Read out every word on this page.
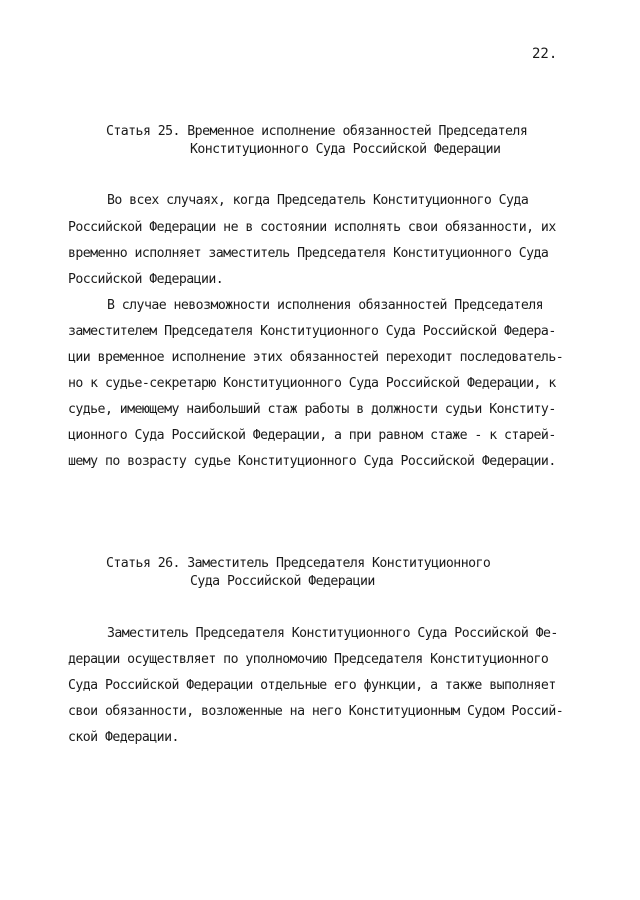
22.
Статья 25. Временное исполнение обязанностей Председателя
Конституционного Суда Российской Федерации
Во всех случаях, когда Председатель Конституционного Суда
Российской Федерации не в состоянии исполнять свои обязанности, их
временно исполняет заместитель Председателя Конституционного Суда
Российской Федерации.
В случае невозможности исполнения обязанностей Председателя
заместителем Председателя Конституционного Суда Российской Федера-
ции временное исполнение этих обязанностей переходит последователь-
но к судье-секретарю Конституционного Суда Российской Федерации, к
судье, имеющему наибольший стаж работы в должности судьи Конститу-
ционного Суда Российской Федерации, а при равном стаже - к старей-
шему по возрасту судье Конституционного Суда Российской Федерации.
Статья 26. Заместитель Председателя Конституционного
Суда Российской Федерации
Заместитель Председателя Конституционного Суда Российской Фе-
дерации осуществляет по уполномочию Председателя Конституционного
Суда Российской Федерации отдельные его функции, а также выполняет
свои обязанности, возложенные на него Конституционным Судом Россий-
ской Федерации.
